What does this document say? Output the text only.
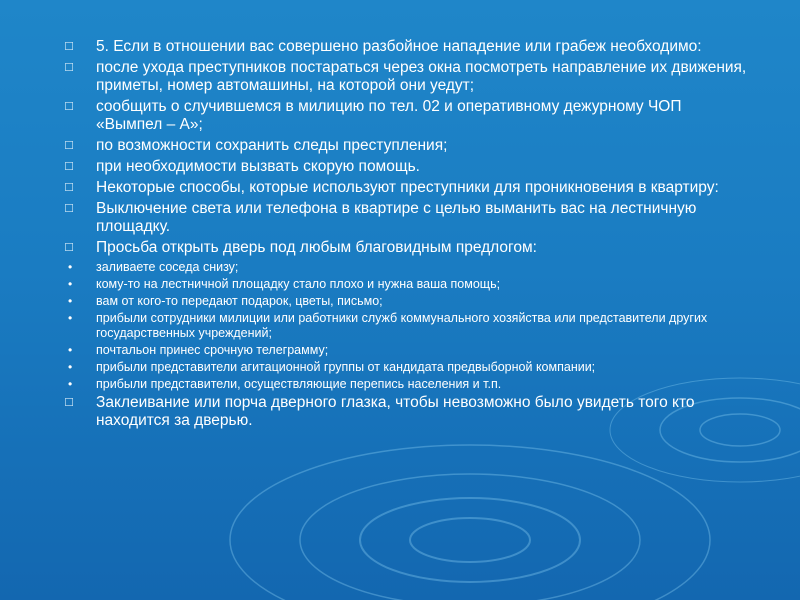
☐ 5. Если в отношении вас совершено разбойное нападение или грабеж необходимо:
☐ после ухода преступников постараться через окна посмотреть направление их движения, приметы, номер автомашины, на которой они уедут;
☐ сообщить о случившемся в милицию по тел. 02 и оперативному дежурному ЧОП «Вымпел – А»;
☐ по возможности сохранить следы преступления;
☐ при необходимости вызвать скорую помощь.
☐ Некоторые способы, которые используют преступники для проникновения в квартиру:
☐ Выключение света или телефона в квартире с целью выманить вас на лестничную площадку.
☐ Просьба открыть дверь под любым благовидным предлогом:
• заливаете соседа снизу;
• кому-то на лестничной площадку стало плохо и нужна ваша помощь;
• вам от кого-то передают подарок, цветы, письмо;
• прибыли сотрудники милиции или работники служб коммунального хозяйства или представители других государственных учреждений;
• почтальон принес срочную телеграмму;
• прибыли представители агитационной группы от кандидата предвыборной компании;
• прибыли представители, осуществляющие перепись населения и т.п.
☐ Заклеивание или порча дверного глазка, чтобы невозможно было увидеть того кто находится за дверью.
